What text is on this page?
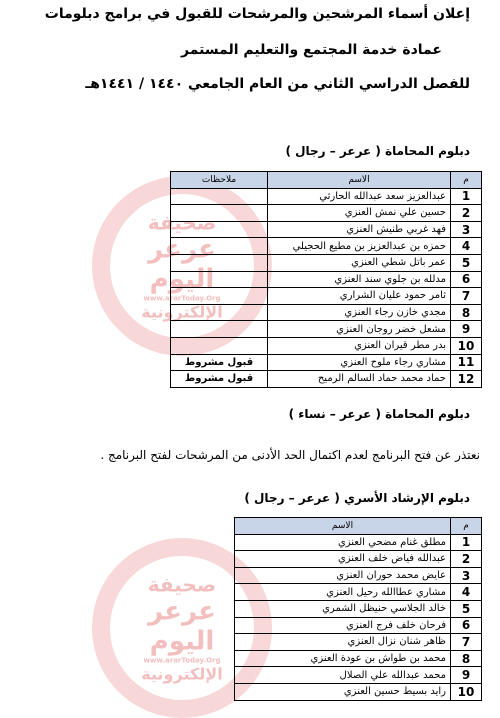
إعلان أسماء المرشحين والمرشحات للقبول في برامج دبلومات
عمادة خدمة المجتمع والتعليم المستمر
للفصل الدراسي الثاني من العام الجامعي ١٤٤٠ / ١٤٤١هـ
صحيفة
عرعر اليوم
www.ararToday.Org
الإلكترونية
دبلوم المحاماة ( عرعر – رجال )
م	الاسم	ملاحظات
1	عبدالعزيز سعد عبدالله الحارثي	
2	حسين علي نمش العنزي	
3	فهد غربي طنيش العنزي	
4	حمزه بن عبدالعزيز بن مطيع الحجيلي	
5	عمر باتل شطي العنزي	
6	مدلله بن جلوي سند العنزي	
7	ثامر حمود عليان الشراري	
8	مجدي خازن رجاء العنزي	
9	مشعل خضر روجان العنزي	
10	بدر مطر قيران العنزي	
11	مشاري رجاء ملوح العنزي	قبول مشروط
12	حماد محمد حماد السالم الرميح	قبول مشروط
دبلوم المحاماة ( عرعر – نساء )
نعتذر عن فتح البرنامج لعدم اكتمال الحد الأدنى من المرشحات لفتح البرنامج .
دبلوم الإرشاد الأسري ( عرعر – رجال )
صحيفة
عرعر اليوم
www.ararToday.Org
الإلكترونية
م	الاسم
1	مطلق غنام مضحي العنزي
2	عبدالله فياض خلف العنزي
3	عايض محمد حوران العنزي
4	مشاري عطاالله رحيل العنزي
5	خالد الجلاسي حنيظل الشمري
6	فرحان خلف فرج العنزي
7	ظاهر شنان نزال العنزي
8	محمد بن طواش بن عودة العنزي
9	محمد عبدالله علي الصلال
10	رايد بسيط حسين العنزي
